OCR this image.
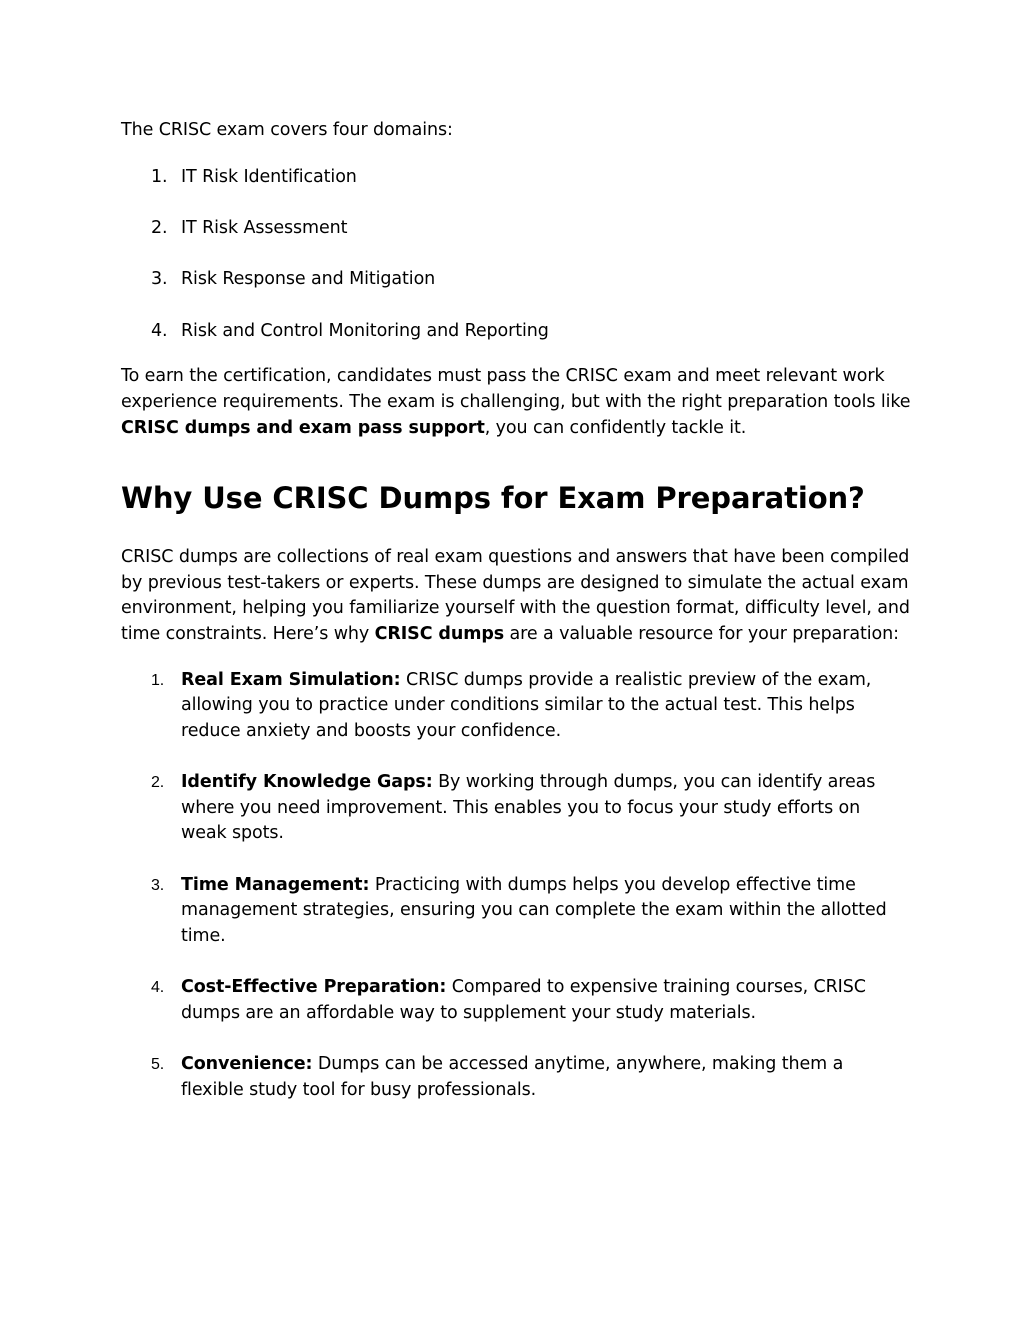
The CRISC exam covers four domains:

1. IT Risk Identification
2. IT Risk Assessment
3. Risk Response and Mitigation
4. Risk and Control Monitoring and Reporting

To earn the certification, candidates must pass the CRISC exam and meet relevant work experience requirements. The exam is challenging, but with the right preparation tools like CRISC dumps and exam pass support, you can confidently tackle it.

Why Use CRISC Dumps for Exam Preparation?

CRISC dumps are collections of real exam questions and answers that have been compiled by previous test-takers or experts. These dumps are designed to simulate the actual exam environment, helping you familiarize yourself with the question format, difficulty level, and time constraints. Here’s why CRISC dumps are a valuable resource for your preparation:

1. Real Exam Simulation: CRISC dumps provide a realistic preview of the exam, allowing you to practice under conditions similar to the actual test. This helps reduce anxiety and boosts your confidence.
2. Identify Knowledge Gaps: By working through dumps, you can identify areas where you need improvement. This enables you to focus your study efforts on weak spots.
3. Time Management: Practicing with dumps helps you develop effective time management strategies, ensuring you can complete the exam within the allotted time.
4. Cost-Effective Preparation: Compared to expensive training courses, CRISC dumps are an affordable way to supplement your study materials.
5. Convenience: Dumps can be accessed anytime, anywhere, making them a flexible study tool for busy professionals.
